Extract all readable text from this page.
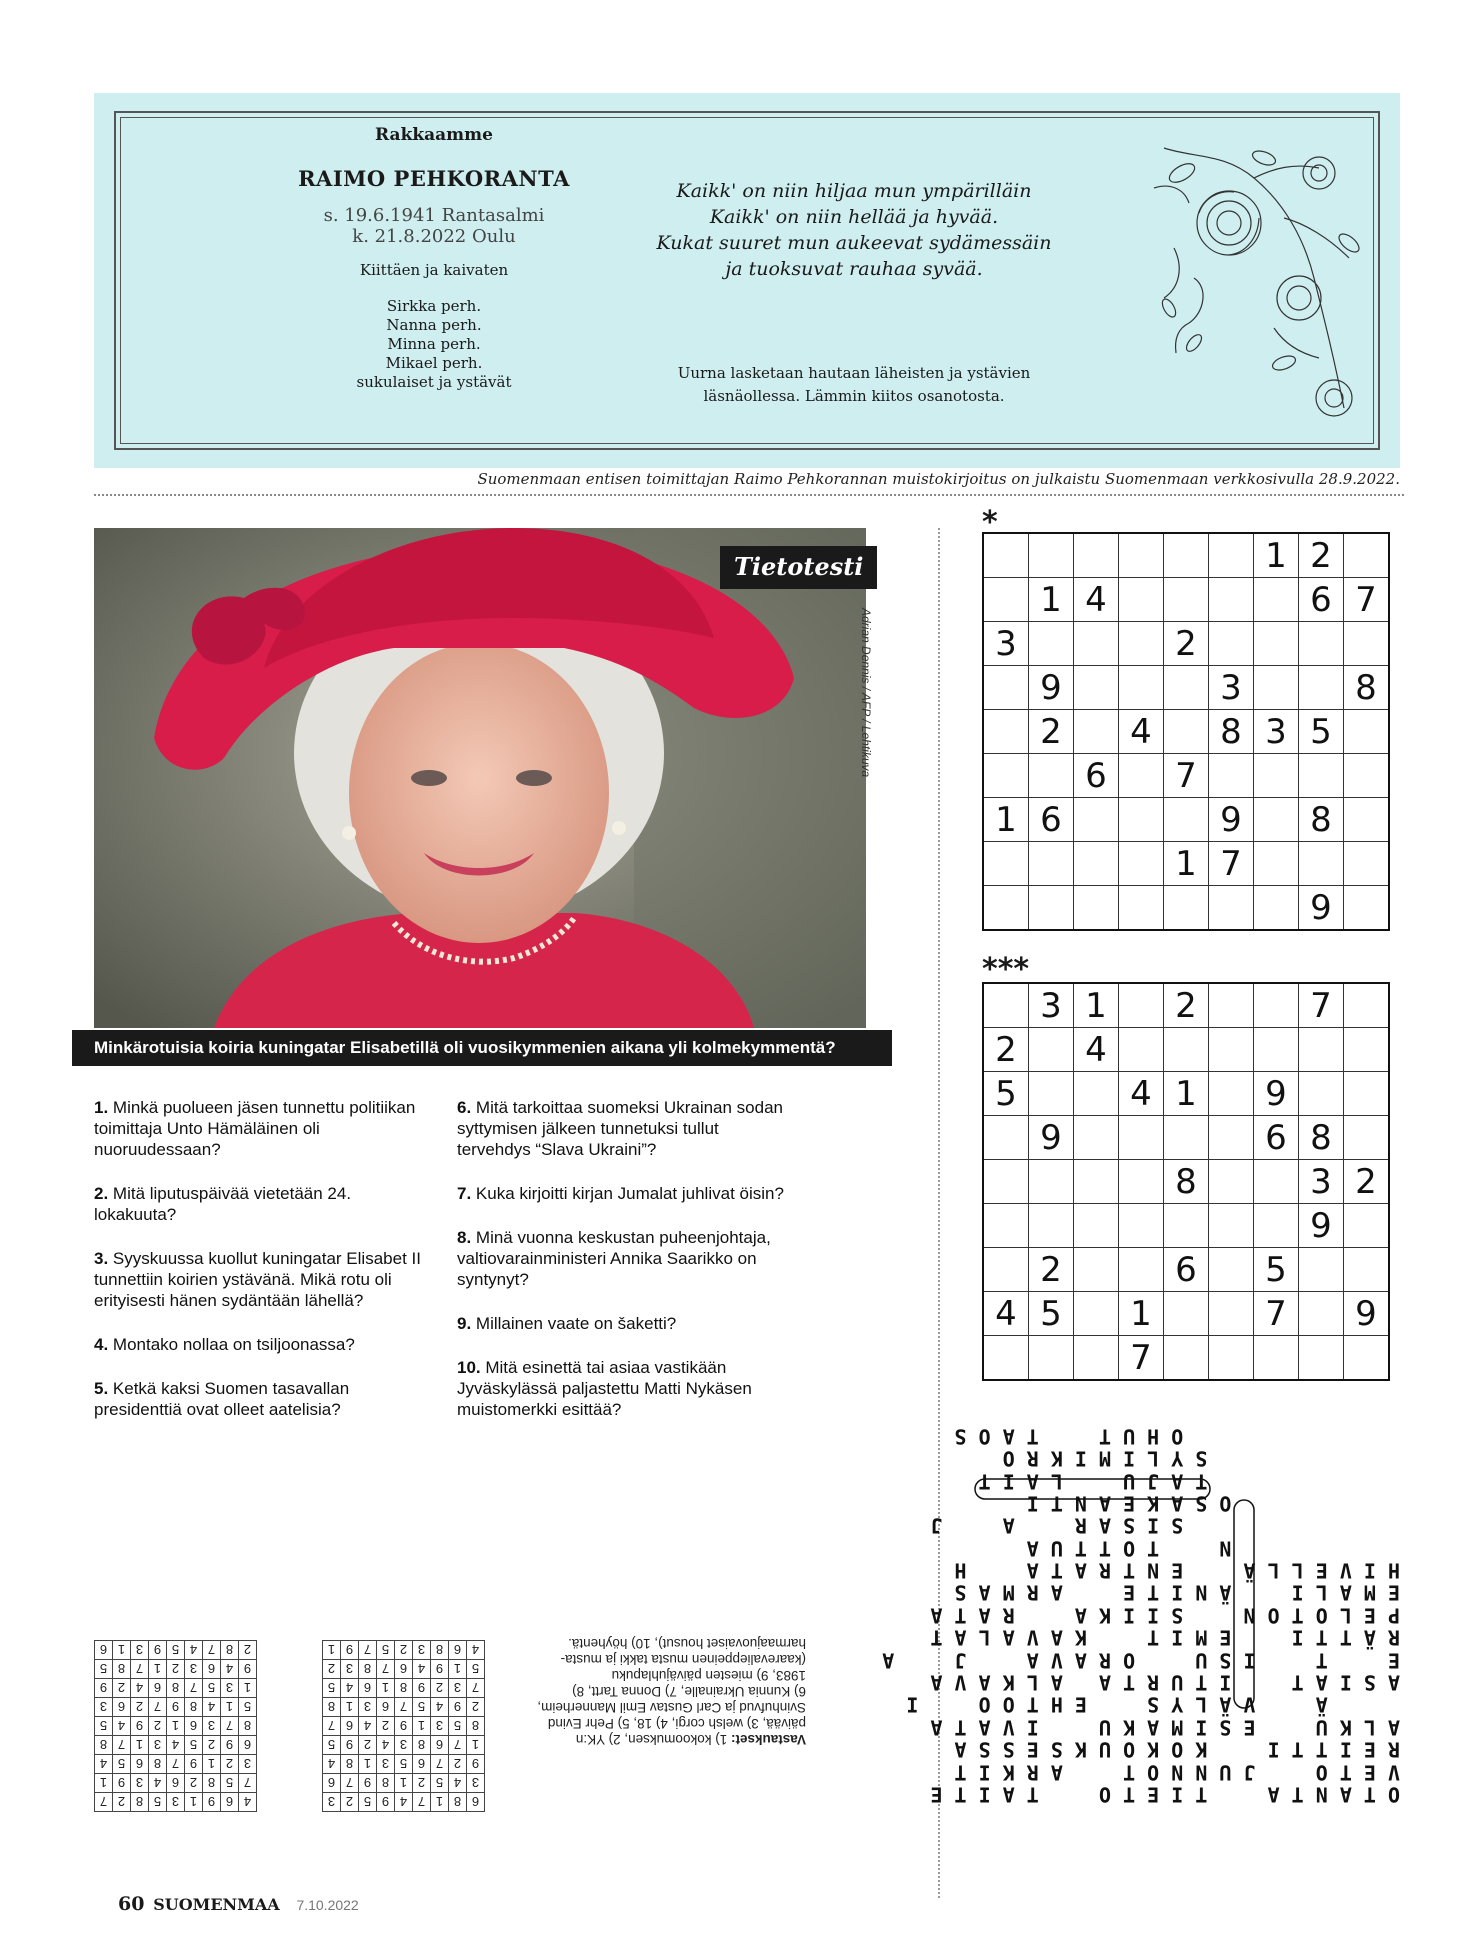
Rakkaamme
RAIMO PEHKORANTA
s. 19.6.1941 Rantasalmi
k. 21.8.2022 Oulu
Kiittäen ja kaivaten
Sirkka perh.
Nanna perh.
Minna perh.
Mikael perh.
sukulaiset ja ystävät
Kaikk' on niin hiljaa mun ympärilläin
Kaikk' on niin hellää ja hyvää.
Kukat suuret mun aukeevat sydämessäin
ja tuoksuvat rauhaa syvää.
Uurna lasketaan hautaan läheisten ja ystävien
läsnäollessa. Lämmin kiitos osanotosta.
Suomenmaan entisen toimittajan Raimo Pehkorannan muistokirjoitus on julkaistu Suomenmaan verkkosivulla 28.9.2022.
Tietotesti
Adrian Dennis / AFP / Lehtikuva
Minkärotuisia koiria kuningatar Elisabetillä oli vuosikymmenien aikana yli kolmekymmentä?

1. Minkä puolueen jäsen tunnettu politiikan toimittaja Unto Hämäläinen oli nuoruudessaan?

2. Mitä liputuspäivää vietetään 24. lokakuuta?

3. Syyskuussa kuollut kuningatar Elisabet II tunnettiin koirien ystävänä. Mikä rotu oli erityisesti hänen sydäntään lähellä?

4. Montako nollaa on tsiljoonassa?

5. Ketkä kaksi Suomen tasavallan presidenttiä ovat olleet aatelisia?

6. Mitä tarkoittaa suomeksi Ukrainan sodan syttymisen jälkeen tunnetuksi tullut tervehdys “Slava Ukraini”?

7. Kuka kirjoitti kirjan Jumalat juhlivat öisin?

8. Minä vuonna keskustan puheenjohtaja, valtiovarainministeri Annika Saarikko on syntynyt?

9. Millainen vaate on šaketti?

10. Mitä esinettä tai asiaa vastikään Jyväskylässä paljastettu Matti Nykäsen muistomerkki esittää?

Vastaukset: 1) kokoomuksen, 2) YK:n päivää, 3) welsh corgi, 4) 18, 5) Pehr Evind Svinhufvud ja Carl Gustav Emil Mannerheim, 6) Kunnia Ukrainalle, 7) Donna Tartt, 8) 1983, 9) miesten päiväjuhlapuku (kaarevalieppeinen musta takki ja musta-harmaajuovaiset housut), 10) höyhentä.
*
						1	2	
	1	4					6	7
3				2				
	9				3			8
	2		4		8	3	5	
		6		7				
1	6				9		8	
				1	7			
							9	
***
	3	1		2			7	
2		4						
5			4	1		9		
	9					6	8	
				8			3	2
							9	
	2			6		5		
4	5		1			7		9
			7					
4	6	9	1	3	5	8	2	7
7	5	8	2	6	4	3	9	1
3	2	1	9	7	8	6	5	4
6	9	2	5	4	3	1	7	8
8	7	3	6	1	2	9	4	5
5	1	4	8	9	7	2	6	3
1	3	5	7	8	6	4	2	9
9	4	6	3	2	1	7	8	5
2	8	7	4	5	9	3	1	6
6	8	1	7	4	9	5	2	3
3	4	5	2	1	8	9	7	6
9	2	7	6	5	3	1	8	4
1	7	6	8	3	4	2	9	5
8	5	3	1	9	2	4	6	7
2	9	4	5	7	6	3	1	8
7	3	2	9	8	1	6	4	5
5	1	9	4	6	7	8	3	2
4	6	8	3	2	5	7	9	1
O T A N T A     T I E T O     T A I T E
V E T O     J U N N O T     A R K I T
R E I T T I     K O K O U K S E S S A
A L K U     E S I M A K U     I V A T A
Ä     V Ä L Y S     E H T O O     I
A S I A T     I T U R T A   A L K A V A
E     T     I S U     O R A V A     J     A
R Ä T T I     E M I T     K A V A L A T
P E L O T O N     S I I K A     R A T A
E M A L I     Ä N I T E     A R M A S
H I V E L L Ä     E N T R A T A     H
N     T O T T U A
S I S A R     A     J
O S A K E A N T I
T A J U     L A I T
S Y L I M I K R O
O H U T     T A O S
60 SUOMENMAA 7.10.2022
